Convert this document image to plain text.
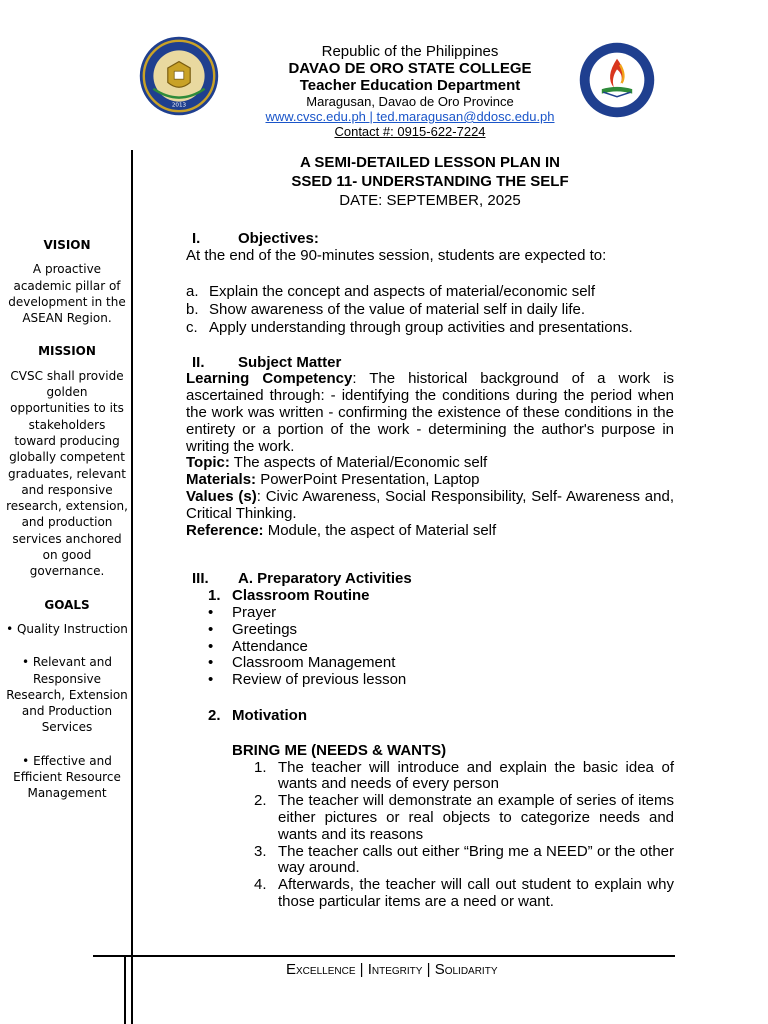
2013
Republic of the Philippines
DAVAO DE ORO STATE COLLEGE
Teacher Education Department
Maragusan, Davao de Oro Province
www.cvsc.edu.ph | ted.maragusan@ddosc.edu.ph
Contact #: 0915-622-7224
VISION

A proactive academic pillar of development in the ASEAN Region.

MISSION

CVSC shall provide golden opportunities to its stakeholders toward producing globally competent graduates, relevant and responsive research, extension, and production services anchored on good governance.

GOALS

• Quality Instruction

• Relevant and Responsive Research, Extension and Production Services

• Effective and Efficient Resource Management

A SEMI-DETAILED LESSON PLAN IN
SSED 11- UNDERSTANDING THE SELF
DATE: SEPTEMBER, 2025
I.	Objectives:

At the end of the 90-minutes session, students are expected to:

a. Explain the concept and aspects of material/economic self
b. Show awareness of the value of material self in daily life.
c. Apply understanding through group activities and presentations.
II.	Subject Matter

Learning Competency: The historical background of a work is ascertained through: - identifying the conditions during the period when the work was written - confirming the existence of these conditions in the entirety or a portion of the work - determining the author's purpose in writing the work.

Topic: The aspects of Material/Economic self

Materials: PowerPoint Presentation, Laptop

Values (s): Civic Awareness, Social Responsibility, Self- Awareness and, Critical Thinking.

Reference: Module, the aspect of Material self

III.	A. Preparatory Activities
1. Classroom Routine
•	Prayer
•	Greetings
•	Attendance
•	Classroom Management
•	Review of previous lesson
2. Motivation
BRING ME (NEEDS & WANTS)
1. The teacher will introduce and explain the basic idea of wants and needs of every person
2. The teacher will demonstrate an example of series of items either pictures or real objects to categorize needs and wants and its reasons
3. The teacher calls out either “Bring me a NEED” or the other way around.
4. Afterwards, the teacher will call out student to explain why those particular items are a need or want.
EXCELLENCE | INTEGRITY | SOLIDARITY
